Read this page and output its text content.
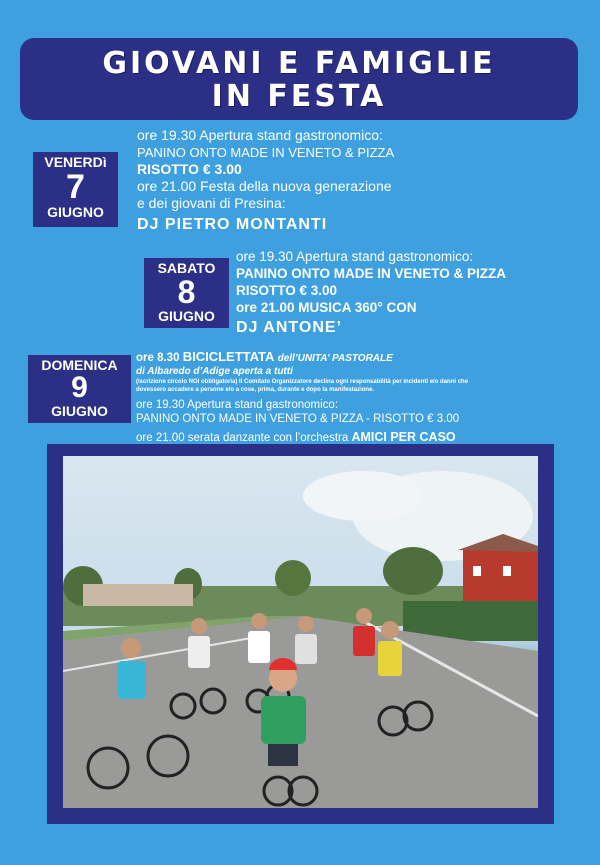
GIOVANI E FAMIGLIE
IN FESTA
VENERDì
7
GIUGNO
ore 19.30 Apertura stand gastronomico:
PANINO ONTO MADE IN VENETO & PIZZA
RISOTTO € 3.00
ore 21.00 Festa della nuova generazione
e dei giovani di Presina:
DJ PIETRO MONTANTI
SABATO
8
GIUGNO
ore 19.30 Apertura stand gastronomico:
PANINO ONTO MADE IN VENETO & PIZZA
RISOTTO € 3.00
ore 21.00 MUSICA 360° CON
DJ ANTONE’
DOMENICA
9
GIUGNO
ore 8.30 BICICLETTATA dell’UNITA’ PASTORALE
di Albaredo d’Adige aperta a tutti
(iscrizione circolo NOI obbligatoria) Il Comitato Organizzatore declina ogni responsabilità per incidenti e/o danni che
dovessero accadere a persone e/o a cose, prima, durante e dopo la manifestazione.
ore 19.30 Apertura stand gastronomico:
PANINO ONTO MADE IN VENETO & PIZZA - RISOTTO € 3.00
ore 21.00 serata danzante con l’orchestra AMICI PER CASO
